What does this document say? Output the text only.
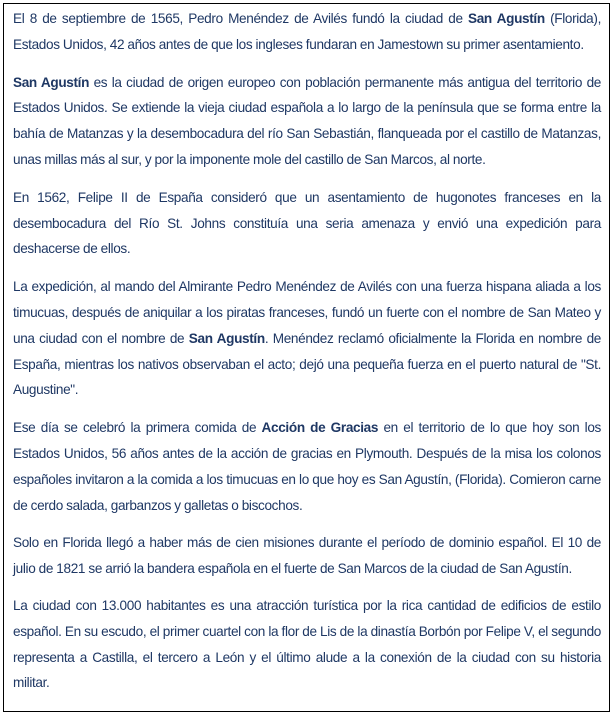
El 8 de septiembre de 1565, Pedro Menéndez de Avilés fundó la ciudad de San Agustín (Florida), Estados Unidos, 42 años antes de que los ingleses fundaran en Jamestown su primer asentamiento.

San Agustín es la ciudad de origen europeo con población permanente más antigua del territorio de Estados Unidos. Se extiende la vieja ciudad española a lo largo de la península que se forma entre la bahía de Matanzas y la desembocadura del río San Sebastián, flanqueada por el castillo de Matanzas, unas millas más al sur, y por la imponente mole del castillo de San Marcos, al norte.

En 1562, Felipe II de España consideró que un asentamiento de hugonotes franceses en la desembocadura del Río St. Johns constituía una seria amenaza y envió una expedición para deshacerse de ellos.

La expedición, al mando del Almirante Pedro Menéndez de Avilés con una fuerza hispana aliada a los timucuas, después de aniquilar a los piratas franceses, fundó un fuerte con el nombre de San Mateo y una ciudad con el nombre de San Agustín. Menéndez reclamó oficialmente la Florida en nombre de España, mientras los nativos observaban el acto; dejó una pequeña fuerza en el puerto natural de "St. Augustine".

Ese día se celebró la primera comida de Acción de Gracias en el territorio de lo que hoy son los Estados Unidos, 56 años antes de la acción de gracias en Plymouth. Después de la misa los colonos españoles invitaron a la comida a los timucuas en lo que hoy es San Agustín, (Florida). Comieron carne de cerdo salada, garbanzos y galletas o biscochos.

Solo en Florida llegó a haber más de cien misiones durante el período de dominio español. El 10 de julio de 1821 se arrió la bandera española en el fuerte de San Marcos de la ciudad de San Agustín.

La ciudad con 13.000 habitantes es una atracción turística por la rica cantidad de edificios de estilo español. En su escudo, el primer cuartel con la flor de Lis de la dinastía Borbón por Felipe V, el segundo representa a Castilla, el tercero a León y el último alude a la conexión de la ciudad con su historia militar.
